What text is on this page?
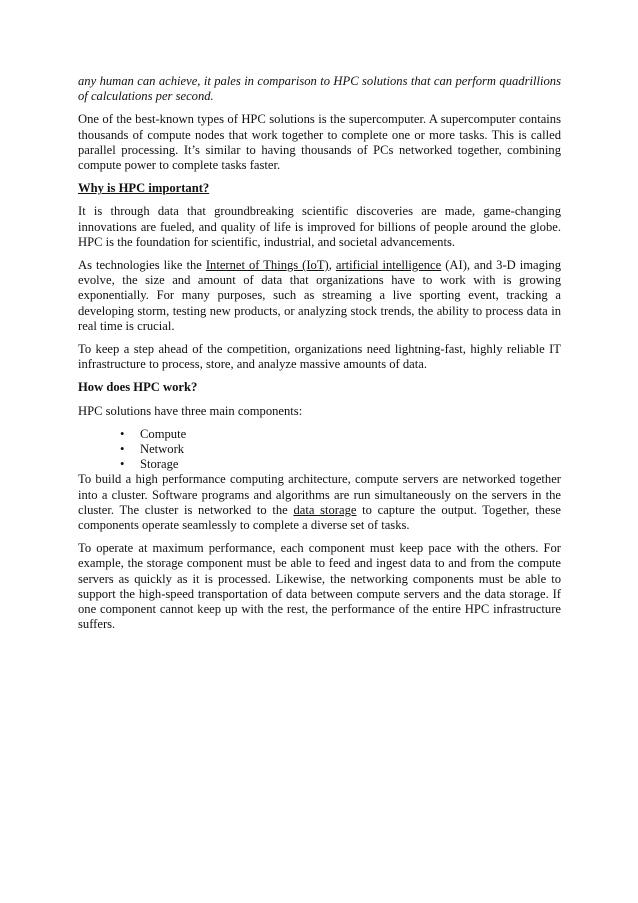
any human can achieve, it pales in comparison to HPC solutions that can perform quadrillions of calculations per second.

One of the best-known types of HPC solutions is the supercomputer. A supercomputer contains thousands of compute nodes that work together to complete one or more tasks. This is called parallel processing. It’s similar to having thousands of PCs networked together, combining compute power to complete tasks faster.

Why is HPC important?

It is through data that groundbreaking scientific discoveries are made, game-changing innovations are fueled, and quality of life is improved for billions of people around the globe. HPC is the foundation for scientific, industrial, and societal advancements.

As technologies like the Internet of Things (IoT), artificial intelligence (AI), and 3-D imaging evolve, the size and amount of data that organizations have to work with is growing exponentially. For many purposes, such as streaming a live sporting event, tracking a developing storm, testing new products, or analyzing stock trends, the ability to process data in real time is crucial.

To keep a step ahead of the competition, organizations need lightning-fast, highly reliable IT infrastructure to process, store, and analyze massive amounts of data.

How does HPC work?

HPC solutions have three main components:

• Compute
• Network
• Storage

To build a high performance computing architecture, compute servers are networked together into a cluster. Software programs and algorithms are run simultaneously on the servers in the cluster. The cluster is networked to the data storage to capture the output. Together, these components operate seamlessly to complete a diverse set of tasks.

To operate at maximum performance, each component must keep pace with the others. For example, the storage component must be able to feed and ingest data to and from the compute servers as quickly as it is processed. Likewise, the networking components must be able to support the high-speed transportation of data between compute servers and the data storage. If one component cannot keep up with the rest, the performance of the entire HPC infrastructure suffers.
